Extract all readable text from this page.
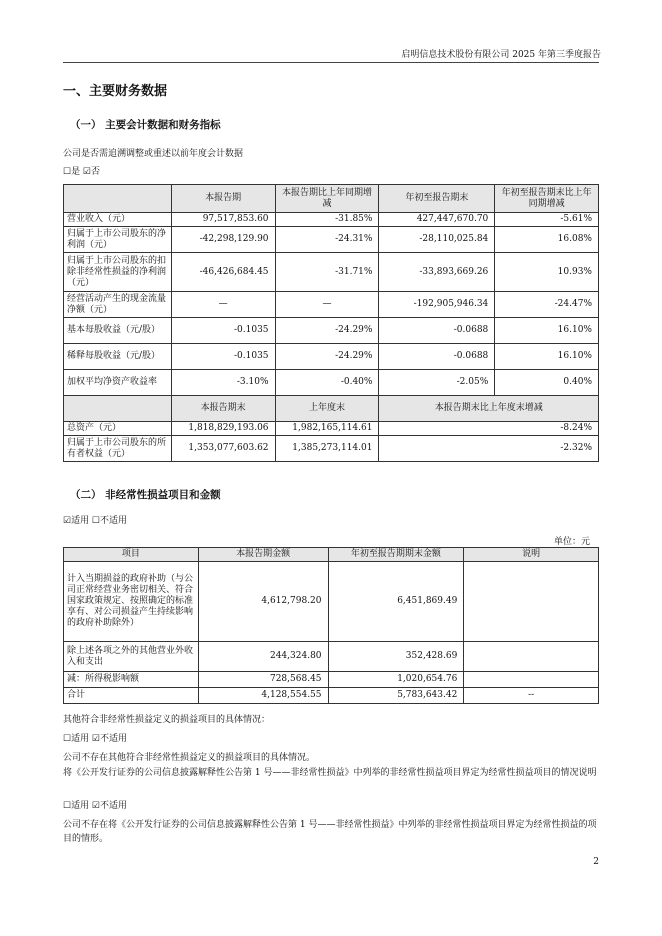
启明信息技术股份有限公司 2025 年第三季度报告
一、主要财务数据
（一） 主要会计数据和财务指标
公司是否需追溯调整或重述以前年度会计数据
☐是 ☑否
	本报告期	本报告期比上年同期增减	年初至报告期末	年初至报告期末比上年同期增减
营业收入（元）	97,517,853.60	-31.85%	427,447,670.70	-5.61%
归属于上市公司股东的净利润（元）	-42,298,129.90	-24.31%	-28,110,025.84	16.08%
归属于上市公司股东的扣除非经常性损益的净利润（元）	-46,426,684.45	-31.71%	-33,893,669.26	10.93%
经营活动产生的现金流量净额（元）	—	—	-192,905,946.34	-24.47%
基本每股收益（元/股）	-0.1035	-24.29%	-0.0688	16.10%
稀释每股收益（元/股）	-0.1035	-24.29%	-0.0688	16.10%
加权平均净资产收益率	-3.10%	-0.40%	-2.05%	0.40%
	本报告期末	上年度末	本报告期末比上年度末增减	
总资产（元）	1,818,829,193.06	1,982,165,114.61	-8.24%	
归属于上市公司股东的所有者权益（元）	1,353,077,603.62	1,385,273,114.01	-2.32%	
（二） 非经常性损益项目和金额
☑适用 ☐不适用
单位：元
项目	本报告期金额	年初至报告期期末金额	说明
计入当期损益的政府补助（与公司正常经营业务密切相关、符合国家政策规定、按照确定的标准享有、对公司损益产生持续影响的政府补助除外）	4,612,798.20	6,451,869.49	
除上述各项之外的其他营业外收入和支出	244,324.80	352,428.69	
减：所得税影响额	728,568.45	1,020,654.76	
合计	4,128,554.55	5,783,643.42	--
其他符合非经常性损益定义的损益项目的具体情况：
☐适用 ☑不适用
公司不存在其他符合非经常性损益定义的损益项目的具体情况。
将《公开发行证券的公司信息披露解释性公告第 1 号——非经常性损益》中列举的非经常性损益项目界定为经常性损益项目的情况说明
☐适用 ☑不适用
公司不存在将《公开发行证券的公司信息披露解释性公告第 1 号——非经常性损益》中列举的非经常性损益项目界定为经常性损益的项目的情形。
2
